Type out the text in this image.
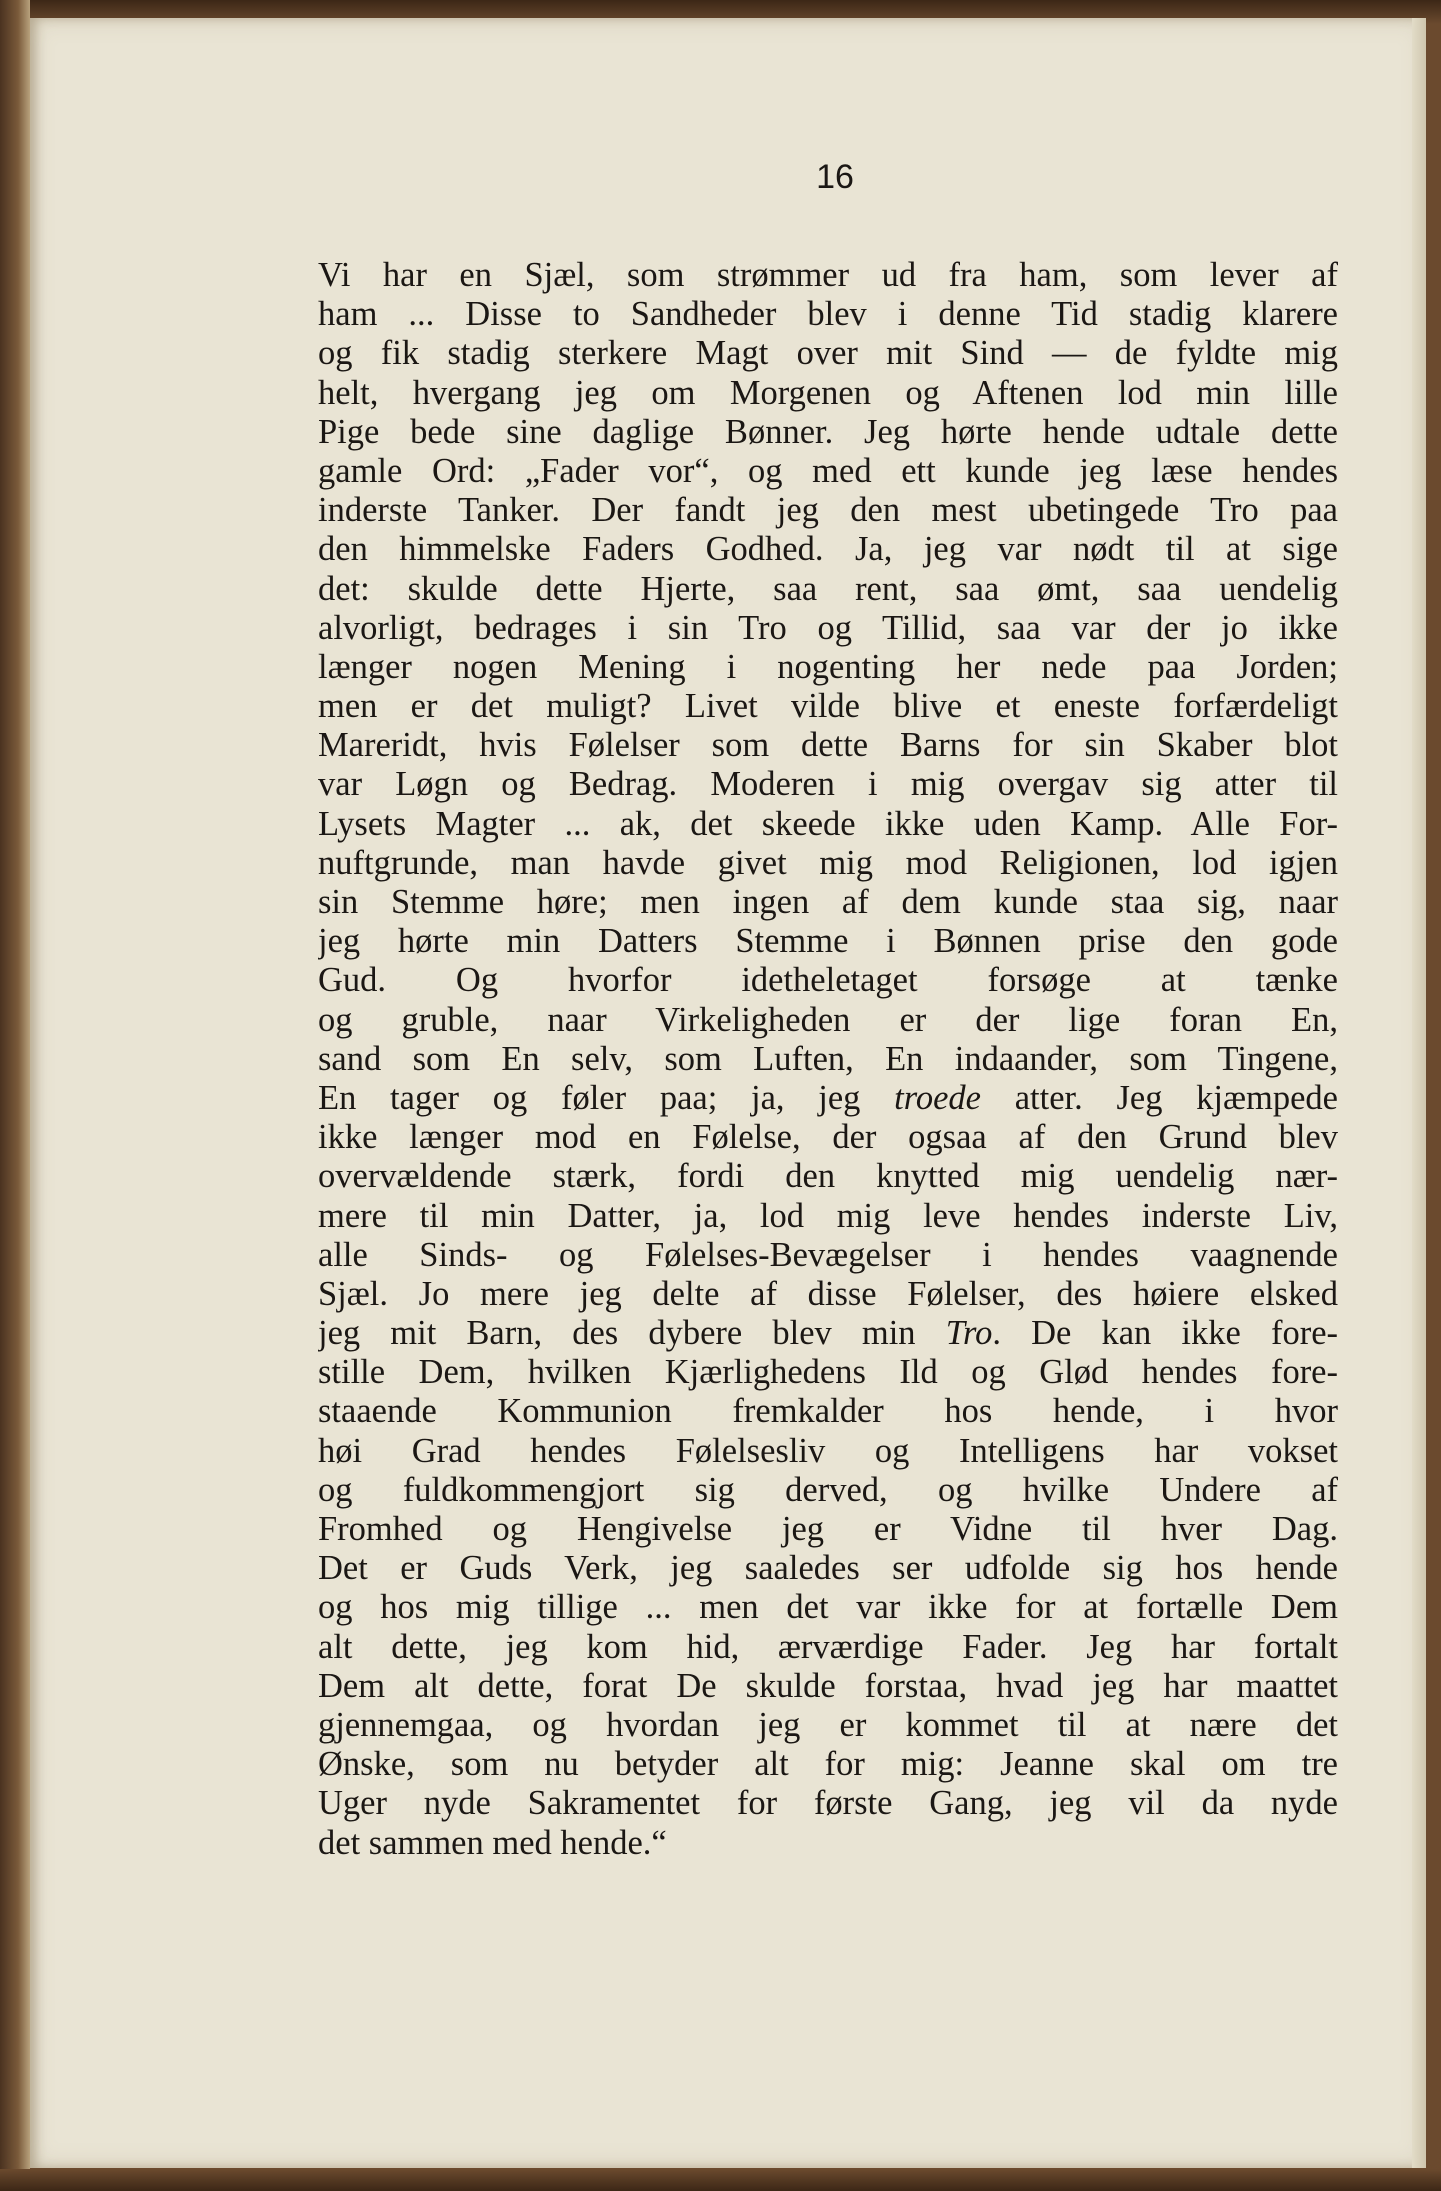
16
Vi har en Sjæl, som strømmer ud fra ham, som lever af
ham ... Disse to Sandheder blev i denne Tid stadig klarere
og fik stadig sterkere Magt over mit Sind — de fyldte mig
helt, hvergang jeg om Morgenen og Aftenen lod min lille
Pige bede sine daglige Bønner. Jeg hørte hende udtale dette
gamle Ord: „Fader vor“, og med ett kunde jeg læse hendes
inderste Tanker. Der fandt jeg den mest ubetingede Tro paa
den himmelske Faders Godhed. Ja, jeg var nødt til at sige
det: skulde dette Hjerte, saa rent, saa ømt, saa uendelig
alvorligt, bedrages i sin Tro og Tillid, saa var der jo ikke
længer nogen Mening i nogenting her nede paa Jorden;
men er det muligt? Livet vilde blive et eneste forfærdeligt
Mareridt, hvis Følelser som dette Barns for sin Skaber blot
var Løgn og Bedrag. Moderen i mig overgav sig atter til
Lysets Magter ... ak, det skeede ikke uden Kamp. Alle For-
nuftgrunde, man havde givet mig mod Religionen, lod igjen
sin Stemme høre; men ingen af dem kunde staa sig, naar
jeg hørte min Datters Stemme i Bønnen prise den gode
Gud. Og hvorfor idetheletaget forsøge at tænke
og gruble, naar Virkeligheden er der lige foran En,
sand som En selv, som Luften, En indaander, som Tingene,
En tager og føler paa; ja, jeg troede atter. Jeg kjæmpede
ikke længer mod en Følelse, der ogsaa af den Grund blev
overvældende stærk, fordi den knytted mig uendelig nær-
mere til min Datter, ja, lod mig leve hendes inderste Liv,
alle Sinds- og Følelses-Bevægelser i hendes vaagnende
Sjæl. Jo mere jeg delte af disse Følelser, des høiere elsked
jeg mit Barn, des dybere blev min Tro. De kan ikke fore-
stille Dem, hvilken Kjærlighedens Ild og Glød hendes fore-
staaende Kommunion fremkalder hos hende, i hvor
høi Grad hendes Følelsesliv og Intelligens har vokset
og fuldkommengjort sig derved, og hvilke Undere af
Fromhed og Hengivelse jeg er Vidne til hver Dag.
Det er Guds Verk, jeg saaledes ser udfolde sig hos hende
og hos mig tillige ... men det var ikke for at fortælle Dem
alt dette, jeg kom hid, ærværdige Fader. Jeg har fortalt
Dem alt dette, forat De skulde forstaa, hvad jeg har maattet
gjennemgaa, og hvordan jeg er kommet til at nære det
Ønske, som nu betyder alt for mig: Jeanne skal om tre
Uger nyde Sakramentet for første Gang, jeg vil da nyde
det sammen med hende.“
